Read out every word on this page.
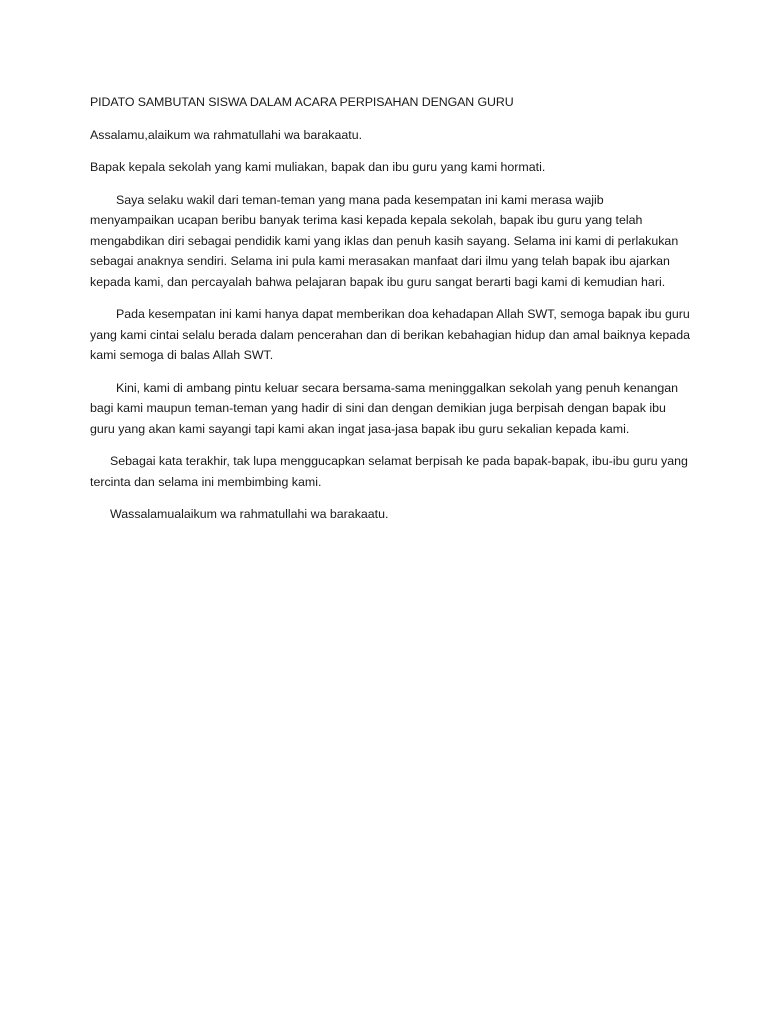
PIDATO SAMBUTAN SISWA DALAM ACARA PERPISAHAN DENGAN GURU

Assalamu,alaikum wa rahmatullahi wa barakaatu.

Bapak kepala sekolah yang kami muliakan, bapak dan ibu guru yang kami hormati.

Saya selaku wakil dari teman-teman yang mana pada kesempatan ini kami merasa wajib menyampaikan ucapan beribu banyak terima kasi kepada kepala sekolah, bapak ibu guru yang telah mengabdikan diri sebagai pendidik kami yang iklas dan penuh kasih sayang. Selama ini kami di perlakukan sebagai anaknya sendiri. Selama ini pula kami merasakan manfaat dari ilmu yang telah bapak ibu ajarkan kepada kami, dan percayalah bahwa pelajaran bapak ibu guru sangat berarti bagi kami di kemudian hari.

Pada kesempatan ini kami hanya dapat memberikan doa kehadapan Allah SWT, semoga bapak ibu guru yang kami cintai selalu berada dalam pencerahan dan di berikan kebahagian hidup dan amal baiknya kepada kami semoga di balas Allah SWT.

Kini, kami di ambang pintu keluar secara bersama-sama meninggalkan sekolah yang penuh kenangan bagi kami maupun teman-teman yang hadir di sini dan dengan demikian juga berpisah dengan bapak ibu guru yang akan kami sayangi tapi kami akan ingat jasa-jasa bapak ibu guru sekalian kepada kami.

Sebagai kata terakhir, tak lupa menggucapkan selamat berpisah ke pada bapak-bapak, ibu-ibu guru yang tercinta dan selama ini membimbing kami.

Wassalamualaikum wa rahmatullahi wa barakaatu.
